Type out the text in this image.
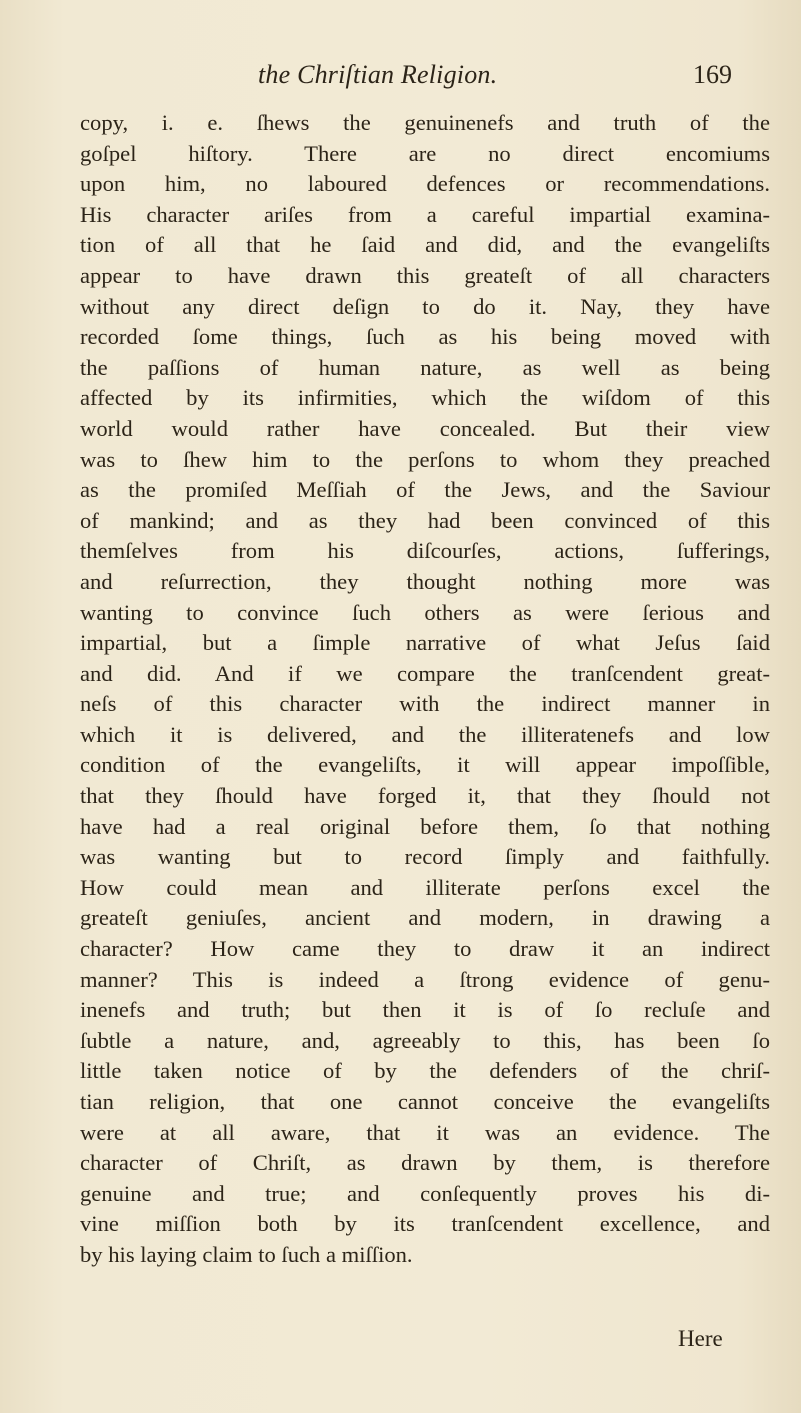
the Chriſtian Religion.	169
copy, i. e. ſhews the genuinenefs and truth of the
goſpel hiſtory. There are no direct encomiums
upon him, no laboured defences or recommendations.
His character ariſes from a careful impartial examina-
tion of all that he ſaid and did, and the evangeliſts
appear to have drawn this greateſt of all characters
without any direct deſign to do it. Nay, they have
recorded ſome things, ſuch as his being moved with
the paſſions of human nature, as well as being
affected by its infirmities, which the wiſdom of this
world would rather have concealed. But their view
was to ſhew him to the perſons to whom they preached
as the promiſed Meſſiah of the Jews, and the Saviour
of mankind; and as they had been convinced of this
themſelves from his diſcourſes, actions, ſufferings,
and reſurrection, they thought nothing more was
wanting to convince ſuch others as were ſerious and
impartial, but a ſimple narrative of what Jeſus ſaid
and did. And if we compare the tranſcendent great-
neſs of this character with the indirect manner in
which it is delivered, and the illiteratenefs and low
condition of the evangeliſts, it will appear impoſſible,
that they ſhould have forged it, that they ſhould not
have had a real original before them, ſo that nothing
was wanting but to record ſimply and faithfully.
How could mean and illiterate perſons excel the
greateſt geniuſes, ancient and modern, in drawing a
character? How came they to draw it an indirect
manner? This is indeed a ſtrong evidence of genu-
inenefs and truth; but then it is of ſo recluſe and
ſubtle a nature, and, agreeably to this, has been ſo
little taken notice of by the defenders of the chriſ-
tian religion, that one cannot conceive the evangeliſts
were at all aware, that it was an evidence. The
character of Chriſt, as drawn by them, is therefore
genuine and true; and conſequently proves his di-
vine miſſion both by its tranſcendent excellence, and
by his laying claim to ſuch a miſſion.
Here
